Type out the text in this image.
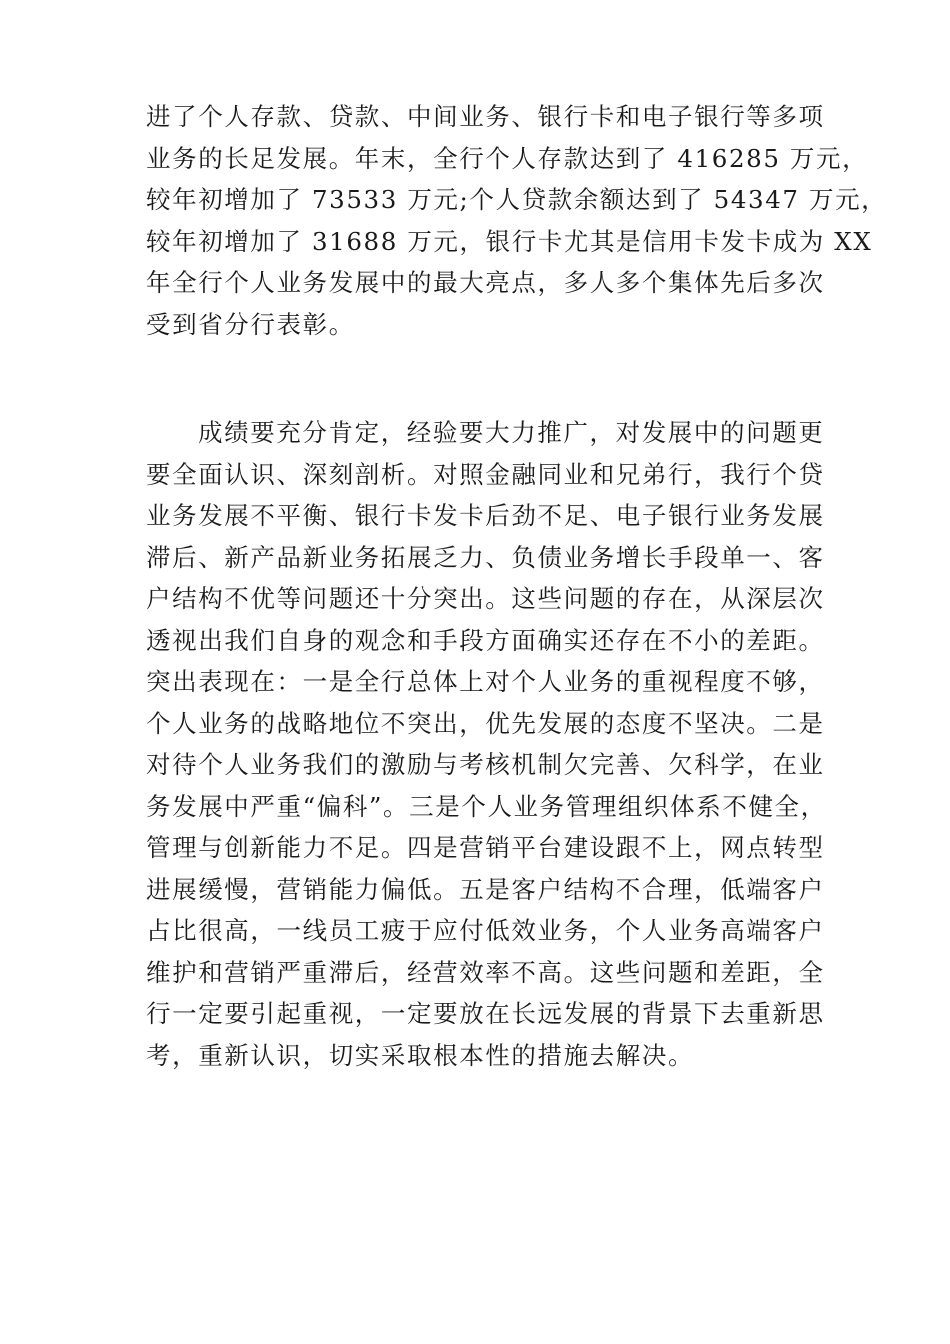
进了个人存款、贷款、中间业务、银行卡和电子银行等多项
业务的长足发展。年末，全行个人存款达到了 416285 万元，
较年初增加了 73533 万元;个人贷款余额达到了 54347 万元，
较年初增加了 31688 万元，银行卡尤其是信用卡发卡成为 XX
年全行个人业务发展中的最大亮点，多人多个集体先后多次
受到省分行表彰。
成绩要充分肯定，经验要大力推广，对发展中的问题更
要全面认识、深刻剖析。对照金融同业和兄弟行，我行个贷
业务发展不平衡、银行卡发卡后劲不足、电子银行业务发展
滞后、新产品新业务拓展乏力、负债业务增长手段单一、客
户结构不优等问题还十分突出。这些问题的存在，从深层次
透视出我们自身的观念和手段方面确实还存在不小的差距。
突出表现在：一是全行总体上对个人业务的重视程度不够，
个人业务的战略地位不突出，优先发展的态度不坚决。二是
对待个人业务我们的激励与考核机制欠完善、欠科学，在业
务发展中严重“偏科”。三是个人业务管理组织体系不健全，
管理与创新能力不足。四是营销平台建设跟不上，网点转型
进展缓慢，营销能力偏低。五是客户结构不合理，低端客户
占比很高，一线员工疲于应付低效业务，个人业务高端客户
维护和营销严重滞后，经营效率不高。这些问题和差距，全
行一定要引起重视，一定要放在长远发展的背景下去重新思
考，重新认识，切实采取根本性的措施去解决。
